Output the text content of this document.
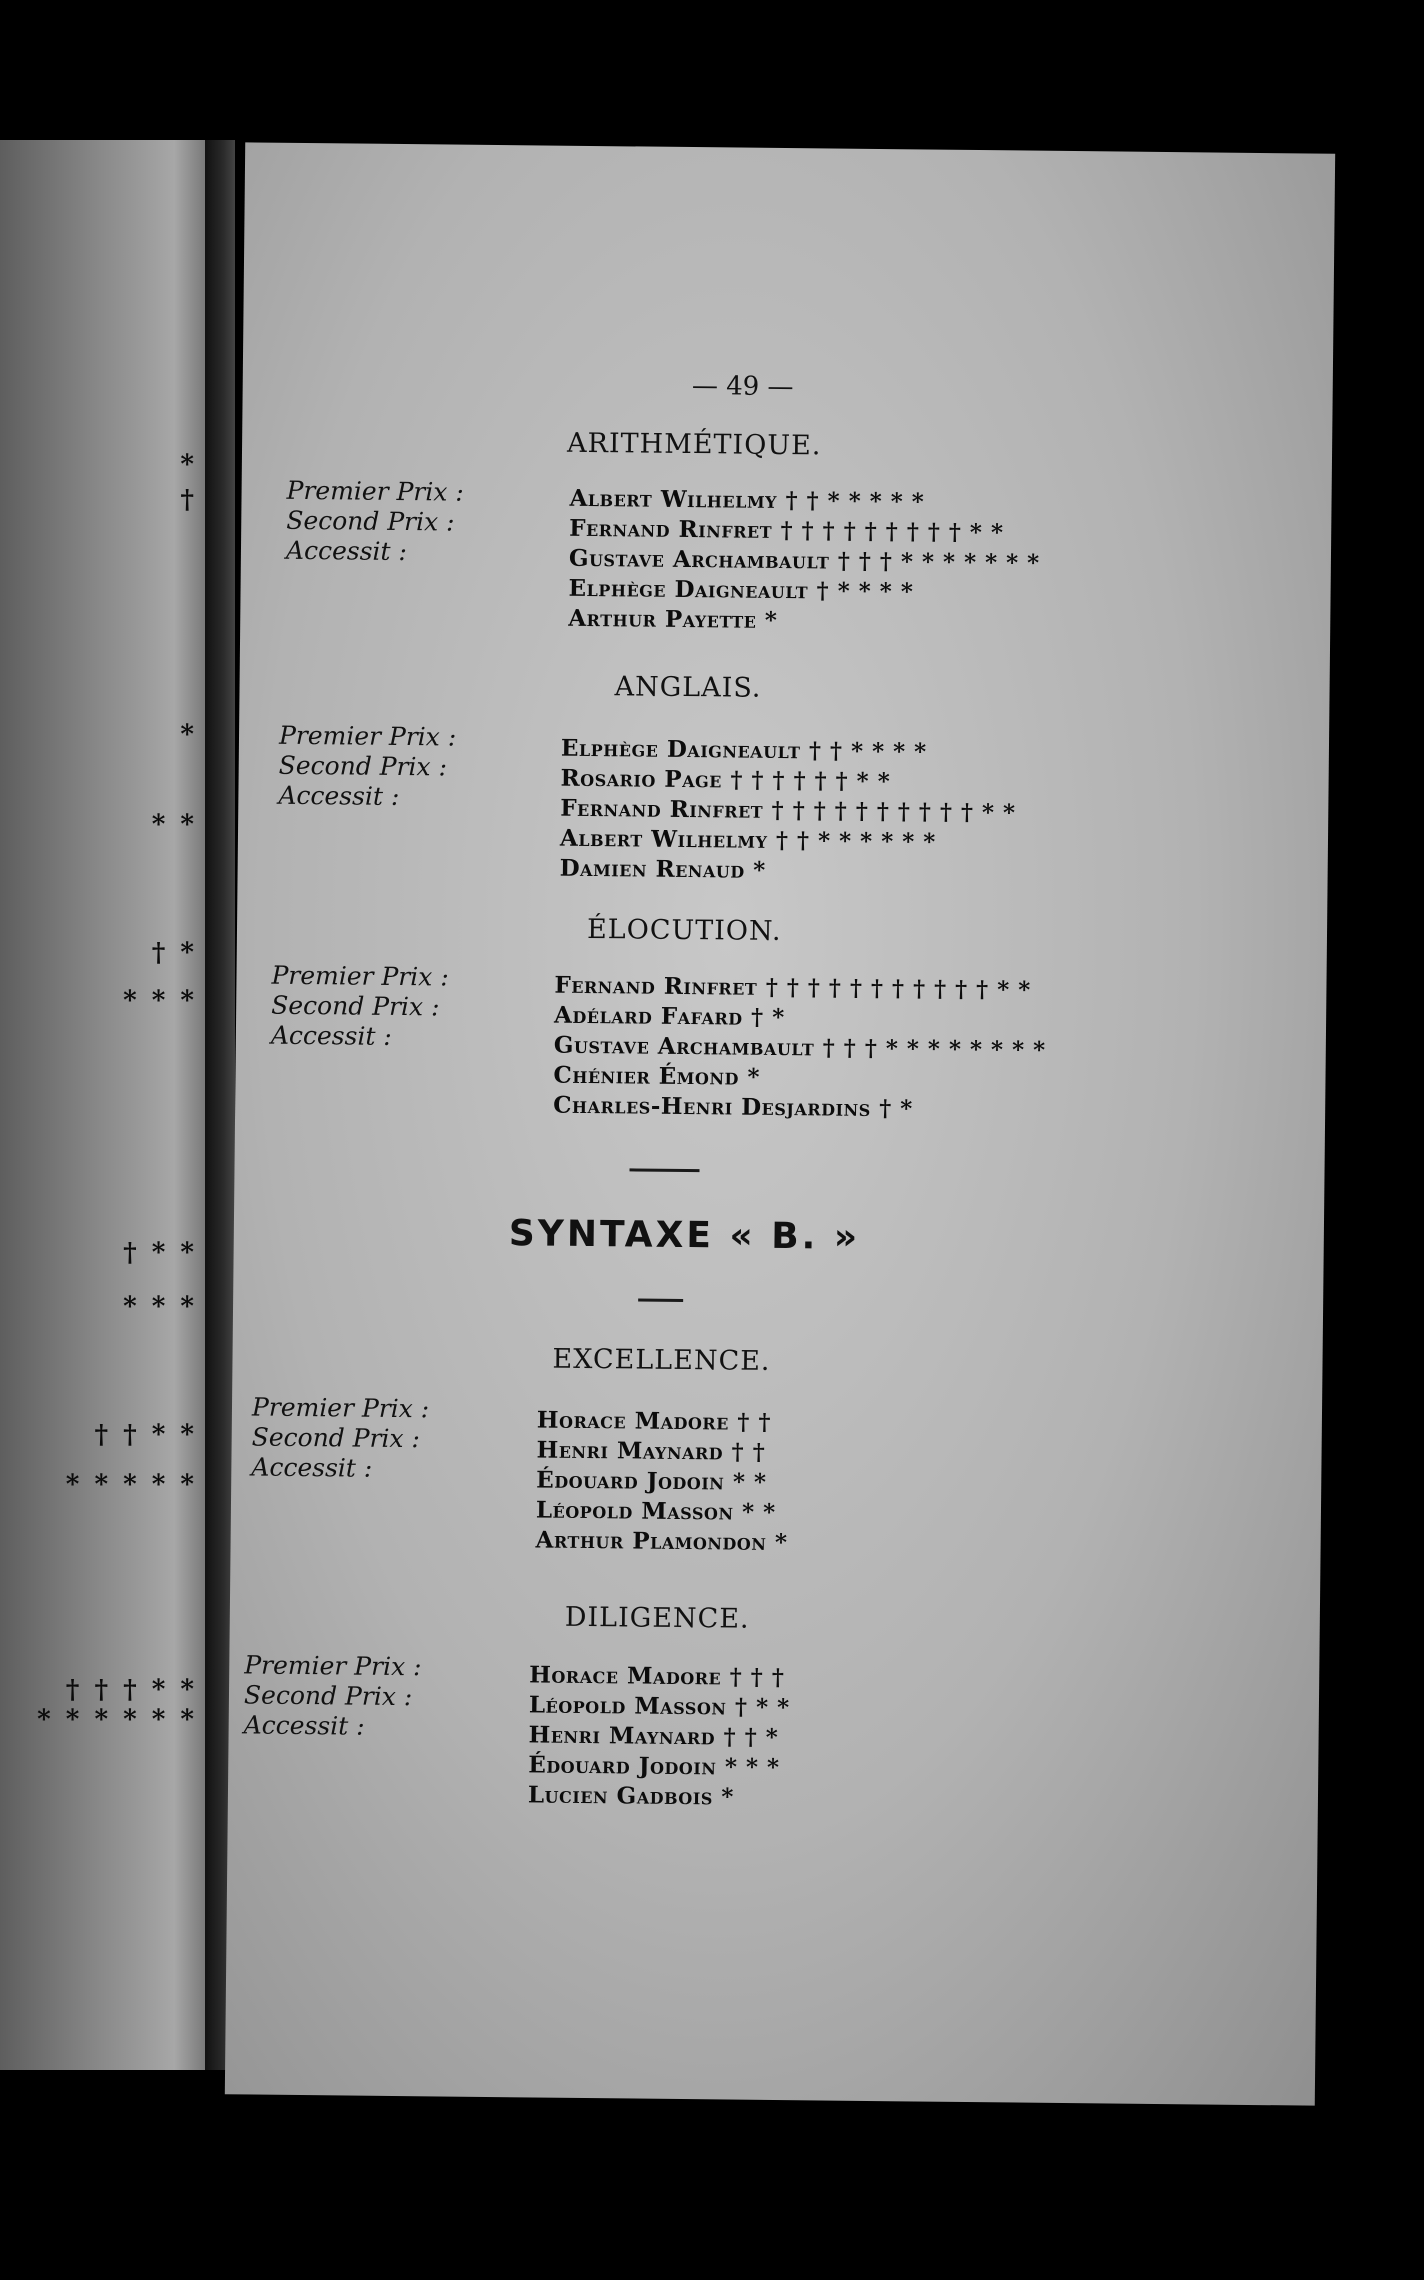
*
†
*
* *
† *
* * *
† * *
* * *
† † * *
* * * * *
† † † * *
* * * * * *
— 49 —
ARITHMÉTIQUE.
Premier Prix :
Second Prix :
Accessit :
Albert Wilhelmy † † * * * * *
Fernand Rinfret † † † † † † † † † * *
Gustave Archambault † † † * * * * * * *
Elphège Daigneault † * * * *
Arthur Payette *
ANGLAIS.
Premier Prix :
Second Prix :
Accessit :
Elphège Daigneault † † * * * *
Rosario Page † † † † † † * *
Fernand Rinfret † † † † † † † † † † * *
Albert Wilhelmy † † * * * * * *
Damien Renaud *
ÉLOCUTION.
Premier Prix :
Second Prix :
Accessit :
Fernand Rinfret † † † † † † † † † † † * *
Adélard Fafard † *
Gustave Archambault † † † * * * * * * * *
Chénier Émond *
Charles-Henri Desjardins † *
SYNTAXE « B. »
EXCELLENCE.
Premier Prix :
Second Prix :
Accessit :
Horace Madore † †
Henri Maynard † †
Édouard Jodoin * *
Léopold Masson * *
Arthur Plamondon *
DILIGENCE.
Premier Prix :
Second Prix :
Accessit :
Horace Madore † † †
Léopold Masson † * *
Henri Maynard † † *
Édouard Jodoin * * *
Lucien Gadbois *
